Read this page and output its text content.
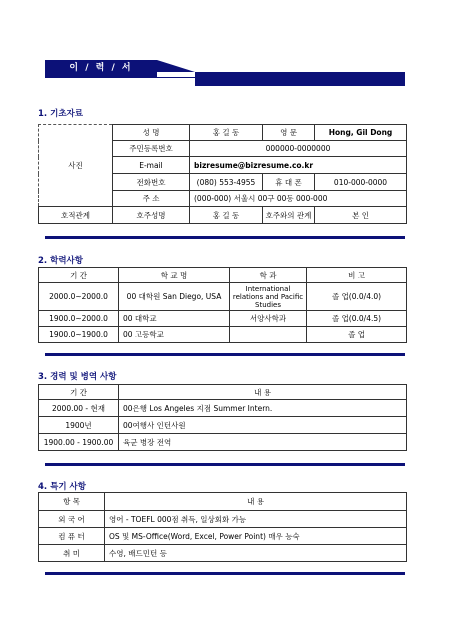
이 / 력 / 서
1. 기초자료
사진	성 명	홍 길 동	영 문	Hong, Gil Dong
	주민등록번호	000000-0000000		
	E-mail	bizresume@bizresume.co.kr		
	전화번호	(080) 553-4955	휴 대 폰	010-000-0000
	주 소	(000-000) 서울시 00구 00동 000-000		
호적관계	호주성명	홍 길 동	호주와의 관계	본 인
2. 학력사항
기 간	학 교 명	학 과	비 고
2000.0~2000.0	00 대학원 San Diego, USA	International relations and Pacific Studies	졸 업(0.0/4.0)
1900.0~2000.0	00 대학교	서양사학과	졸 업(0.0/4.5)
1900.0~1900.0	00 고등학교		졸 업
3. 경력 및 병역 사항
기 간	내 용
2000.00 - 현재	00은행 Los Angeles 지점 Summer Intern.
1900년	00여행사 인턴사원
1900.00 - 1900.00	육군 병장 전역
4. 특기 사항
항 목	내 용
외 국 어	영어 - TOEFL 000점 취득, 일상회화 가능
컴 퓨 터	OS 및 MS-Office(Word, Excel, Power Point) 매우 능숙
취 미	수영, 배드민턴 등
